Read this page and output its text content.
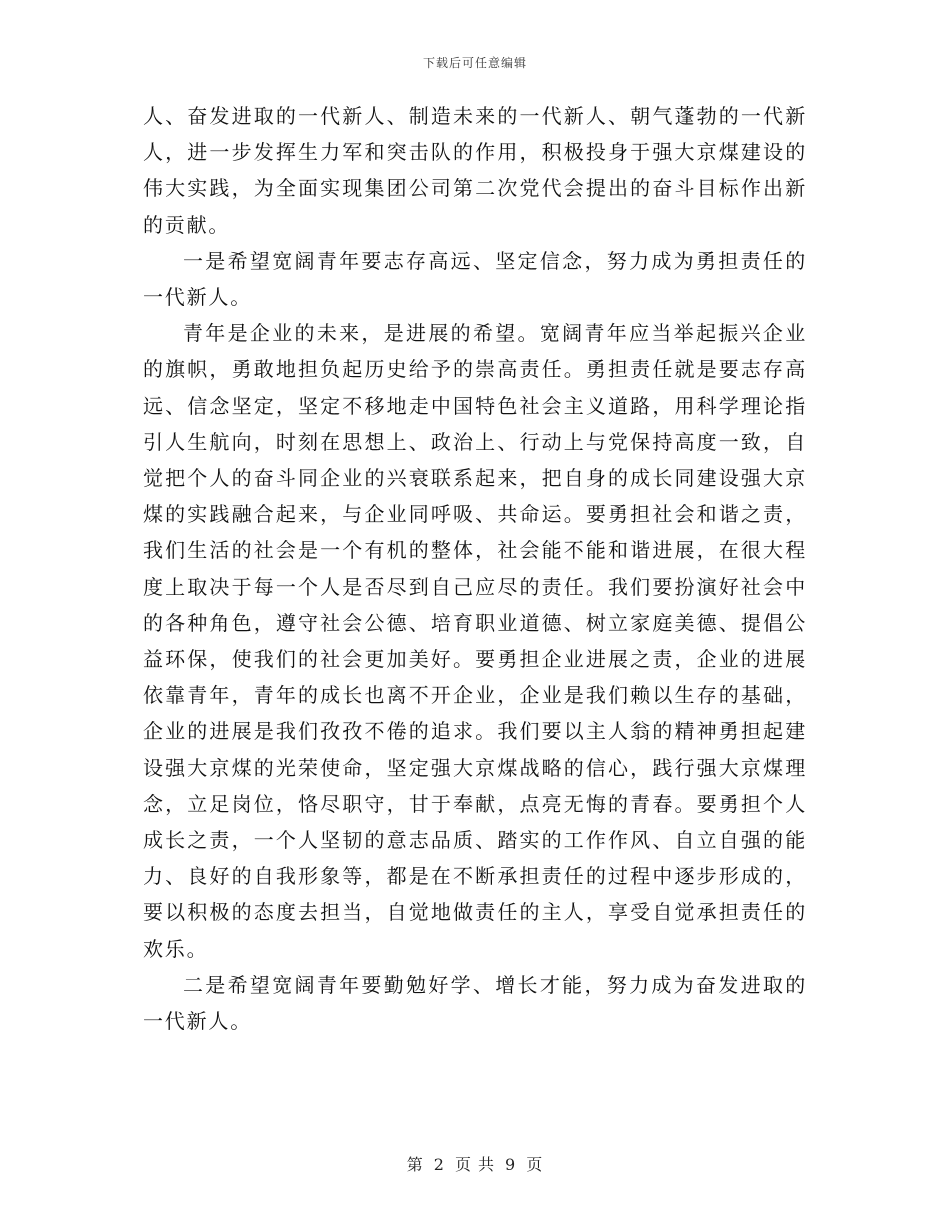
下载后可任意编辑

人、奋发进取的一代新人、制造未来的一代新人、朝气蓬勃的一代新人，进一步发挥生力军和突击队的作用，积极投身于强大京煤建设的伟大实践，为全面实现集团公司第二次党代会提出的奋斗目标作出新的贡献。

一是希望宽阔青年要志存高远、坚定信念，努力成为勇担责任的一代新人。

青年是企业的未来，是进展的希望。宽阔青年应当举起振兴企业的旗帜，勇敢地担负起历史给予的崇高责任。勇担责任就是要志存高远、信念坚定，坚定不移地走中国特色社会主义道路，用科学理论指引人生航向，时刻在思想上、政治上、行动上与党保持高度一致，自觉把个人的奋斗同企业的兴衰联系起来，把自身的成长同建设强大京煤的实践融合起来，与企业同呼吸、共命运。要勇担社会和谐之责，我们生活的社会是一个有机的整体，社会能不能和谐进展，在很大程度上取决于每一个人是否尽到自己应尽的责任。我们要扮演好社会中的各种角色，遵守社会公德、培育职业道德、树立家庭美德、提倡公益环保，使我们的社会更加美好。要勇担企业进展之责，企业的进展依靠青年，青年的成长也离不开企业，企业是我们赖以生存的基础，企业的进展是我们孜孜不倦的追求。我们要以主人翁的精神勇担起建设强大京煤的光荣使命，坚定强大京煤战略的信心，践行强大京煤理念，立足岗位，恪尽职守，甘于奉献，点亮无悔的青春。要勇担个人成长之责，一个人坚韧的意志品质、踏实的工作作风、自立自强的能力、良好的自我形象等，都是在不断承担责任的过程中逐步形成的，要以积极的态度去担当，自觉地做责任的主人，享受自觉承担责任的欢乐。

二是希望宽阔青年要勤勉好学、增长才能，努力成为奋发进取的一代新人。

第 2 页 共 9 页
